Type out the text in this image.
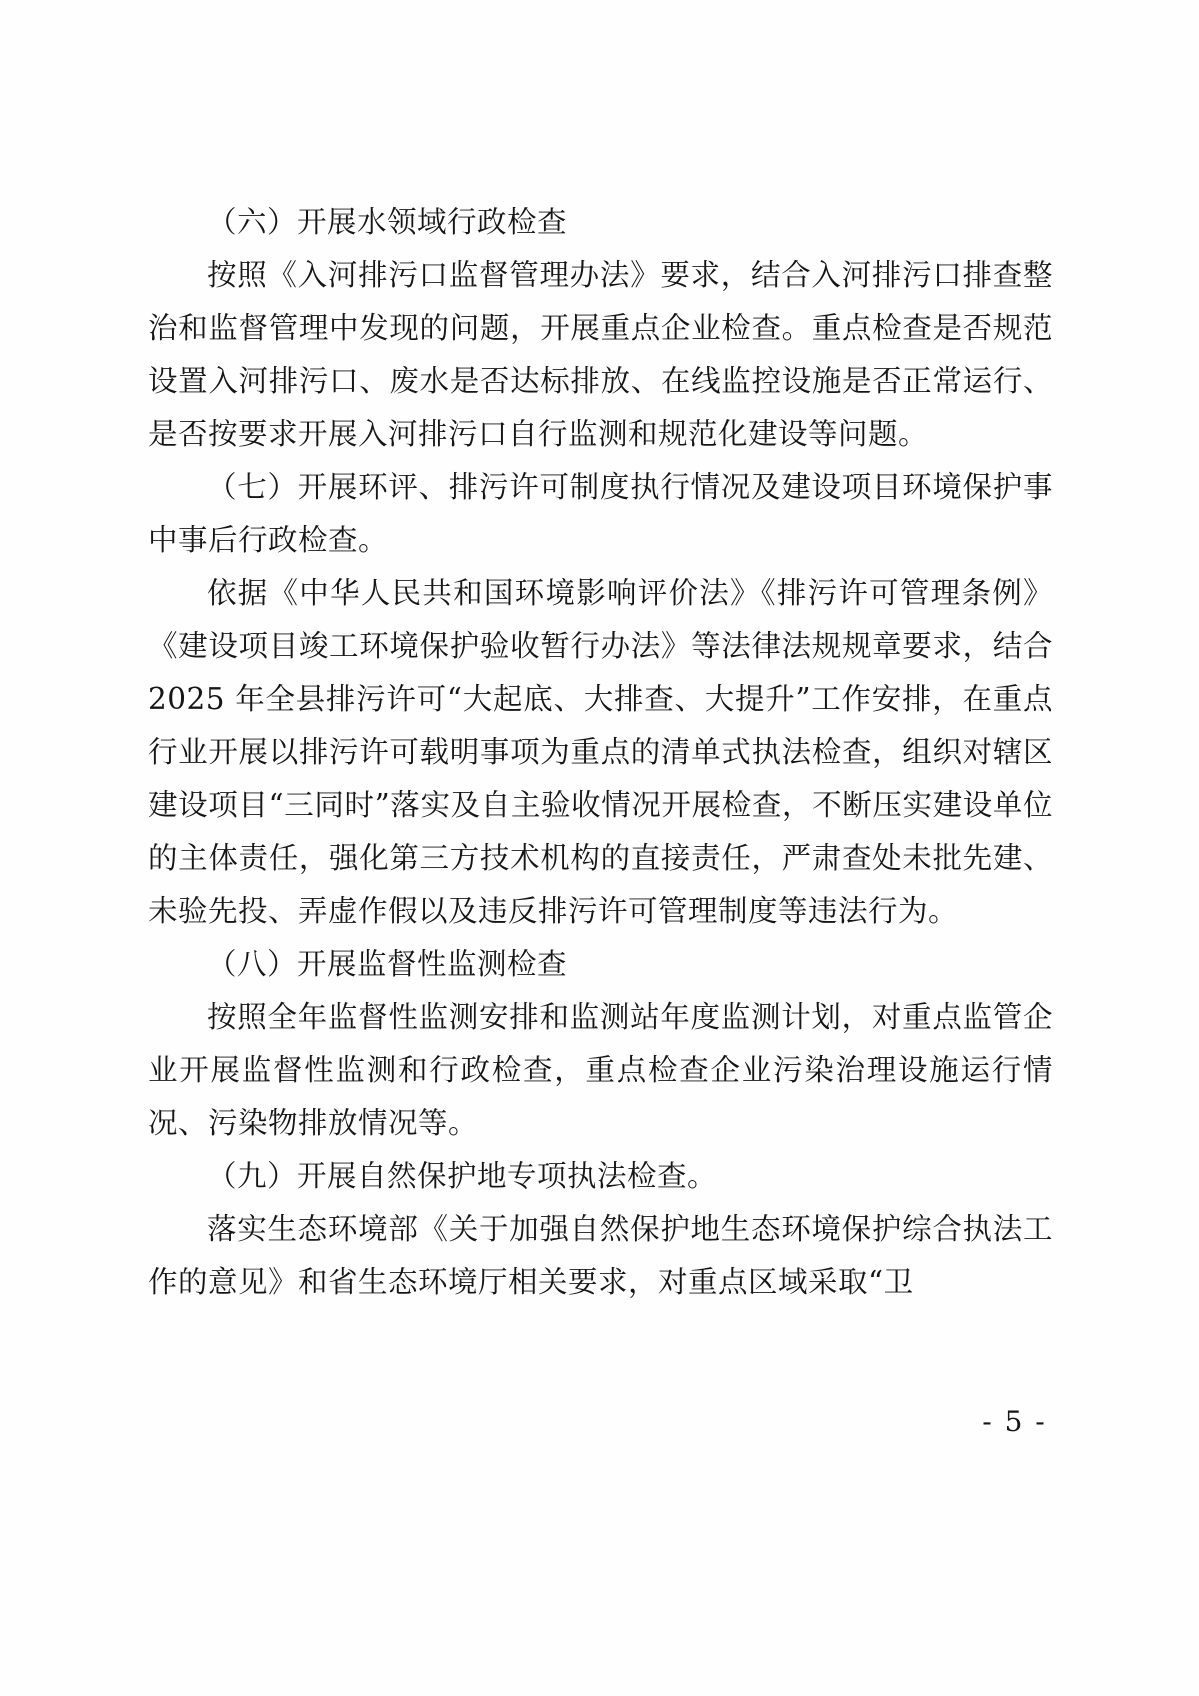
（六）开展水领域行政检查

按照《入河排污口监督管理办法》要求，结合入河排污口排查整治和监督管理中发现的问题，开展重点企业检查。重点检查是否规范设置入河排污口、废水是否达标排放、在线监控设施是否正常运行、是否按要求开展入河排污口自行监测和规范化建设等问题。

（七）开展环评、排污许可制度执行情况及建设项目环境保护事中事后行政检查。

依据《中华人民共和国环境影响评价法》《排污许可管理条例》《建设项目竣工环境保护验收暂行办法》等法律法规规章要求，结合 2025 年全县排污许可“大起底、大排查、大提升”工作安排，在重点行业开展以排污许可载明事项为重点的清单式执法检查，组织对辖区建设项目“三同时”落实及自主验收情况开展检查，不断压实建设单位的主体责任，强化第三方技术机构的直接责任，严肃查处未批先建、未验先投、弄虚作假以及违反排污许可管理制度等违法行为。

（八）开展监督性监测检查

按照全年监督性监测安排和监测站年度监测计划，对重点监管企业开展监督性监测和行政检查，重点检查企业污染治理设施运行情况、污染物排放情况等。

（九）开展自然保护地专项执法检查。

落实生态环境部《关于加强自然保护地生态环境保护综合执法工作的意见》和省生态环境厅相关要求，对重点区域采取“卫

- 5 -
